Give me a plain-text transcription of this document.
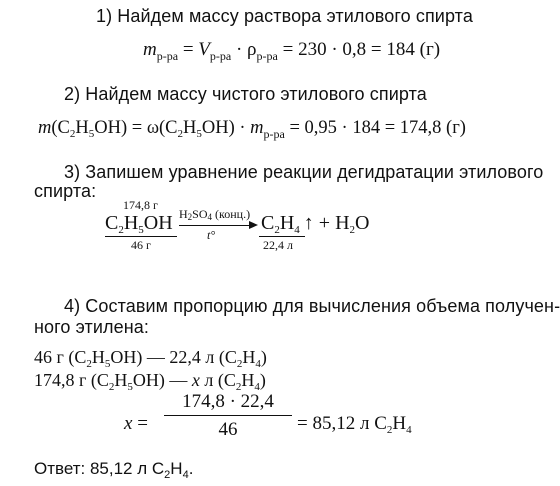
1) Найдем массу раствора этилового спирта
$m_{р-ра} = V_{р-ра} \cdot \rho_{р-ра} = 230 \cdot 0,8 = 184$ (г)
2) Найдем массу чистого этилового спирта
$m(C_2H_5OH) = \omega(C_2H_5OH) \cdot m_{р-ра} = 0,95 \cdot 184 = 174,8$ (г)
3) Запишем уравнение реакции дегидратации этилового
спирта:
174,8 г
$C_2H_5OH$
46 г
H2SO4 (конц.)
t°
$C_2H_4$ ↑ + $H_2O$
22,4 л
4) Составим пропорцию для вычисления объема получен-
ного этилена:
46 г $(C_2H_5OH)$ — 22,4 л $(C_2H_4)$
174,8 г $(C_2H_5OH)$ — x л $(C_2H_4)$
x =
174,8 · 22,4
46	= 85,12 л $C_2H_4$
Ответ: 85,12 л $C_2H_4$.
